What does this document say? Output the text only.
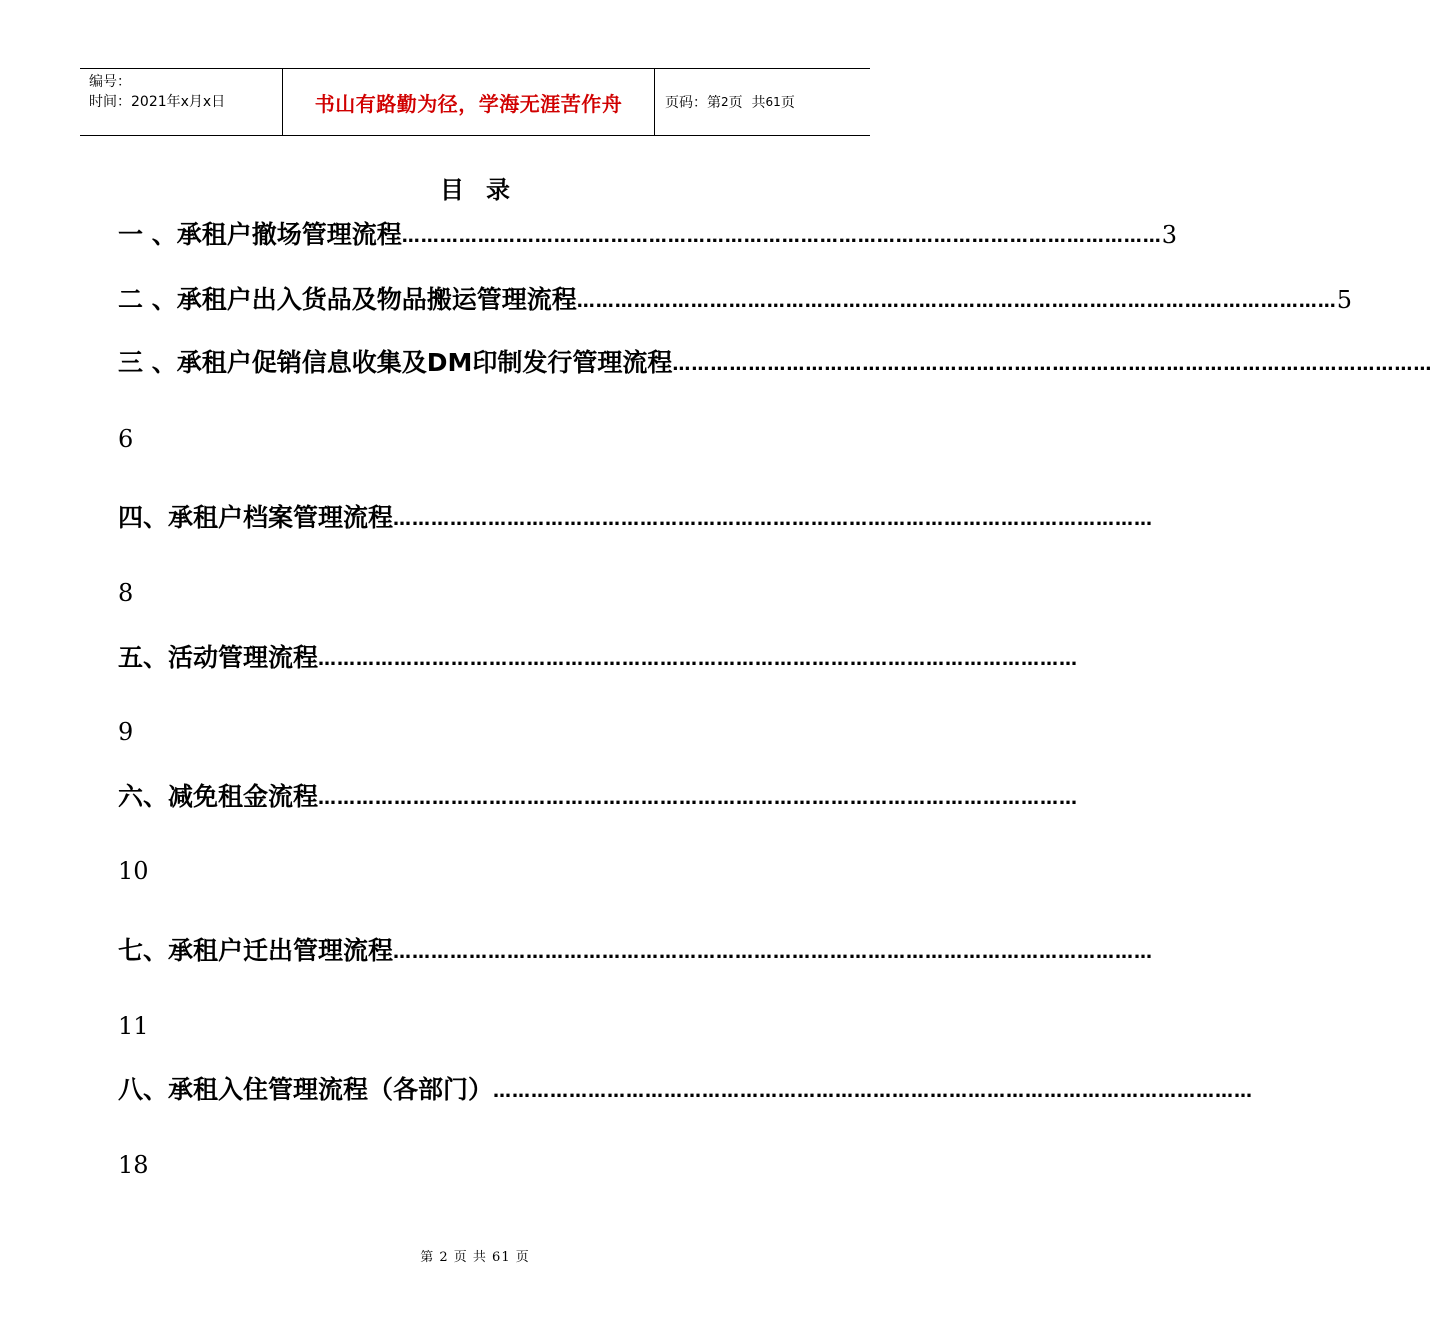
编号：
时间：2021年x月x日	书山有路勤为径，学海无涯苦作舟	页码：第 2 页  共 61 页
目录
一 、承租户撤场管理流程 ………………………………………………………………………………………………………… 3
二 、承租户出入货品及物品搬运管理流程 ………………………………………………………………………………………………………… 5
三 、承租户促销信息收集及DM印制发行管理流程 …………………………………………………………………………………………………………
6
四、承租户档案管理流程 …………………………………………………………………………………………………………
8
五、活动管理流程 …………………………………………………………………………………………………………
9
六、减免租金流程 …………………………………………………………………………………………………………
10
七、承租户迁出管理流程 …………………………………………………………………………………………………………
11
八、承租入住管理流程（各部门） …………………………………………………………………………………………………………
18
第 2 页 共 61 页
